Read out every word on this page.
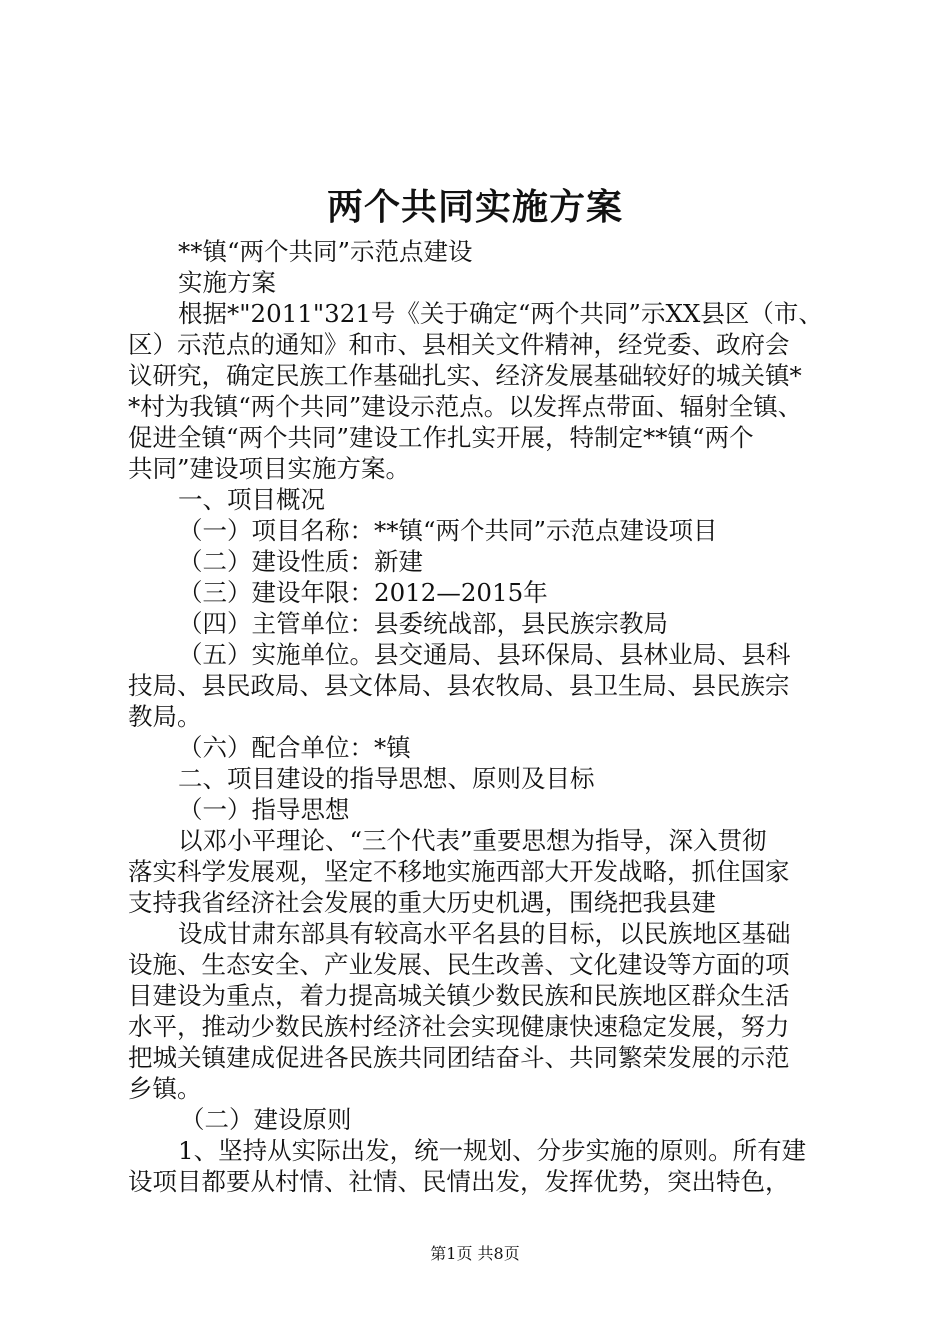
两个共同实施方案
**镇“两个共同”示范点建设
实施方案
根据*"2011"321号《关于确定“两个共同”示XX县区（市、
区）示范点的通知》和市、县相关文件精神，经党委、政府会
议研究，确定民族工作基础扎实、经济发展基础较好的城关镇*
*村为我镇“两个共同”建设示范点。以发挥点带面、辐射全镇、
促进全镇“两个共同”建设工作扎实开展，特制定**镇“两个
共同”建设项目实施方案。
一、项目概况
（一）项目名称：**镇“两个共同”示范点建设项目
（二）建设性质：新建
（三）建设年限：2012—2015年
（四）主管单位：县委统战部，县民族宗教局
（五）实施单位。县交通局、县环保局、县林业局、县科
技局、县民政局、县文体局、县农牧局、县卫生局、县民族宗
教局。
（六）配合单位：*镇
二、项目建设的指导思想、原则及目标
（一）指导思想
以邓小平理论、“三个代表”重要思想为指导，深入贯彻
落实科学发展观，坚定不移地实施西部大开发战略，抓住国家
支持我省经济社会发展的重大历史机遇，围绕把我县建
设成甘肃东部具有较高水平名县的目标，以民族地区基础
设施、生态安全、产业发展、民生改善、文化建设等方面的项
目建设为重点，着力提高城关镇少数民族和民族地区群众生活
水平，推动少数民族村经济社会实现健康快速稳定发展，努力
把城关镇建成促进各民族共同团结奋斗、共同繁荣发展的示范
乡镇。
（二）建设原则
1、坚持从实际出发，统一规划、分步实施的原则。所有建
设项目都要从村情、社情、民情出发，发挥优势，突出特色，
第1页 共8页
